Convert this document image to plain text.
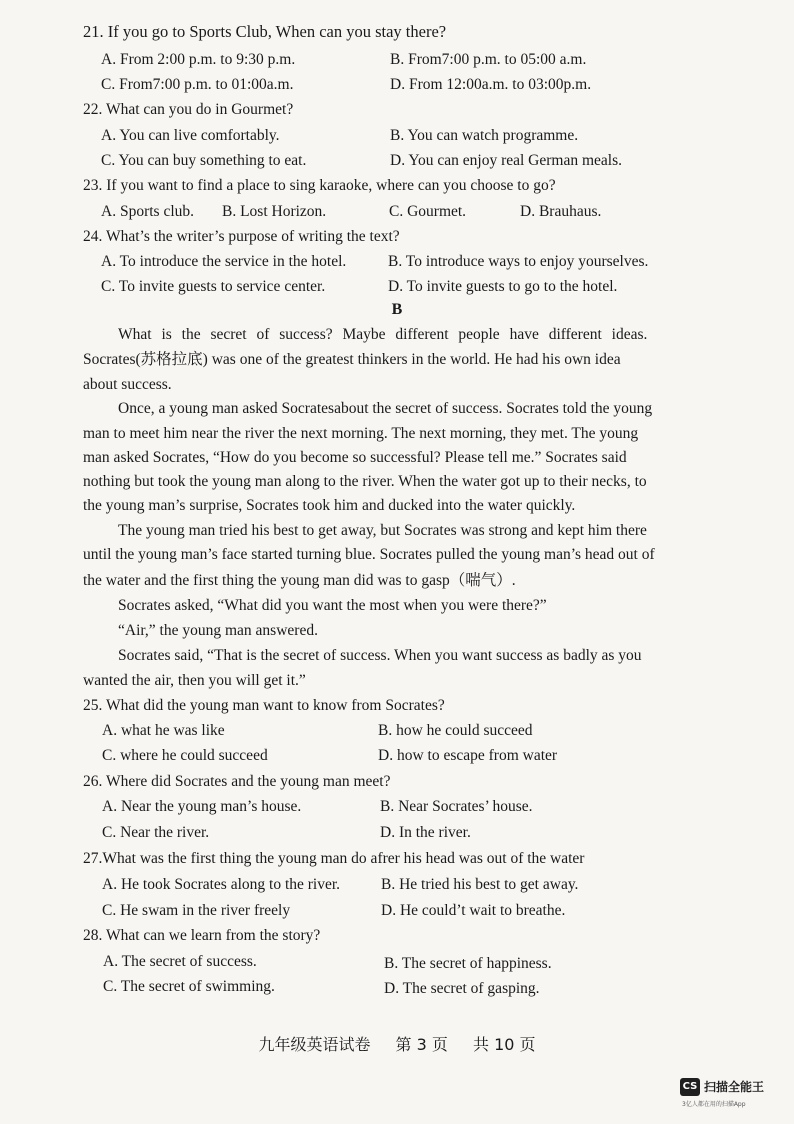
21. If you go to Sports Club, When can you stay there?
A. From 2:00 p.m. to 9:30 p.m.	B. From7:00 p.m. to 05:00 a.m.
C. From7:00 p.m. to 01:00a.m.	D. From 12:00a.m. to 03:00p.m.
22. What can you do in Gourmet?
A. You can live comfortably.	B. You can watch programme.
C. You can buy something to eat.	D. You can enjoy real German meals.
23. If you want to find a place to sing karaoke, where can you choose to go?
A. Sports club. B. Lost Horizon.	C. Gourmet.	D. Brauhaus.
24. What’s the writer’s purpose of writing the text?
A. To introduce the service in the hotel.	B. To introduce ways to enjoy yourselves.
C. To invite guests to service center.	D. To invite guests to go to the hotel.
B
What is the secret of success? Maybe different people have different ideas.
Socrates(苏格拉底) was one of the greatest thinkers in the world. He had his own idea
about success.
Once, a young man asked Socratesabout the secret of success. Socrates told the young
man to meet him near the river the next morning. The next morning, they met. The young
man asked Socrates, “How do you become so successful? Please tell me.” Socrates said
nothing but took the young man along to the river. When the water got up to their necks, to
the young man’s surprise, Socrates took him and ducked into the water quickly.
The young man tried his best to get away, but Socrates was strong and kept him there
until the young man’s face started turning blue. Socrates pulled the young man’s head out of
the water and the first thing the young man did was to gasp（喘气）.
Socrates asked, “What did you want the most when you were there?”
“Air,” the young man answered.
Socrates said, “That is the secret of success. When you want success as badly as you
wanted the air, then you will get it.”
25. What did the young man want to know from Socrates?
A. what he was like	B. how he could succeed
C. where he could succeed	D. how to escape from water
26. Where did Socrates and the young man meet?
A. Near the young man’s house.	B. Near Socrates’ house.
C. Near the river.	D. In the river.
27.What was the first thing the young man do afrer his head was out of the water
A. He took Socrates along to the river.	B. He tried his best to get away.
C. He swam in the river freely	D. He could’t wait to breathe.
28. What can we learn from the story?
A. The secret of success.	B. The secret of happiness.
C. The secret of swimming.	D. The secret of gasping.
九年级英语试卷 第 3 页 共 10 页
CS 扫描全能王
3亿人都在用的扫描App
